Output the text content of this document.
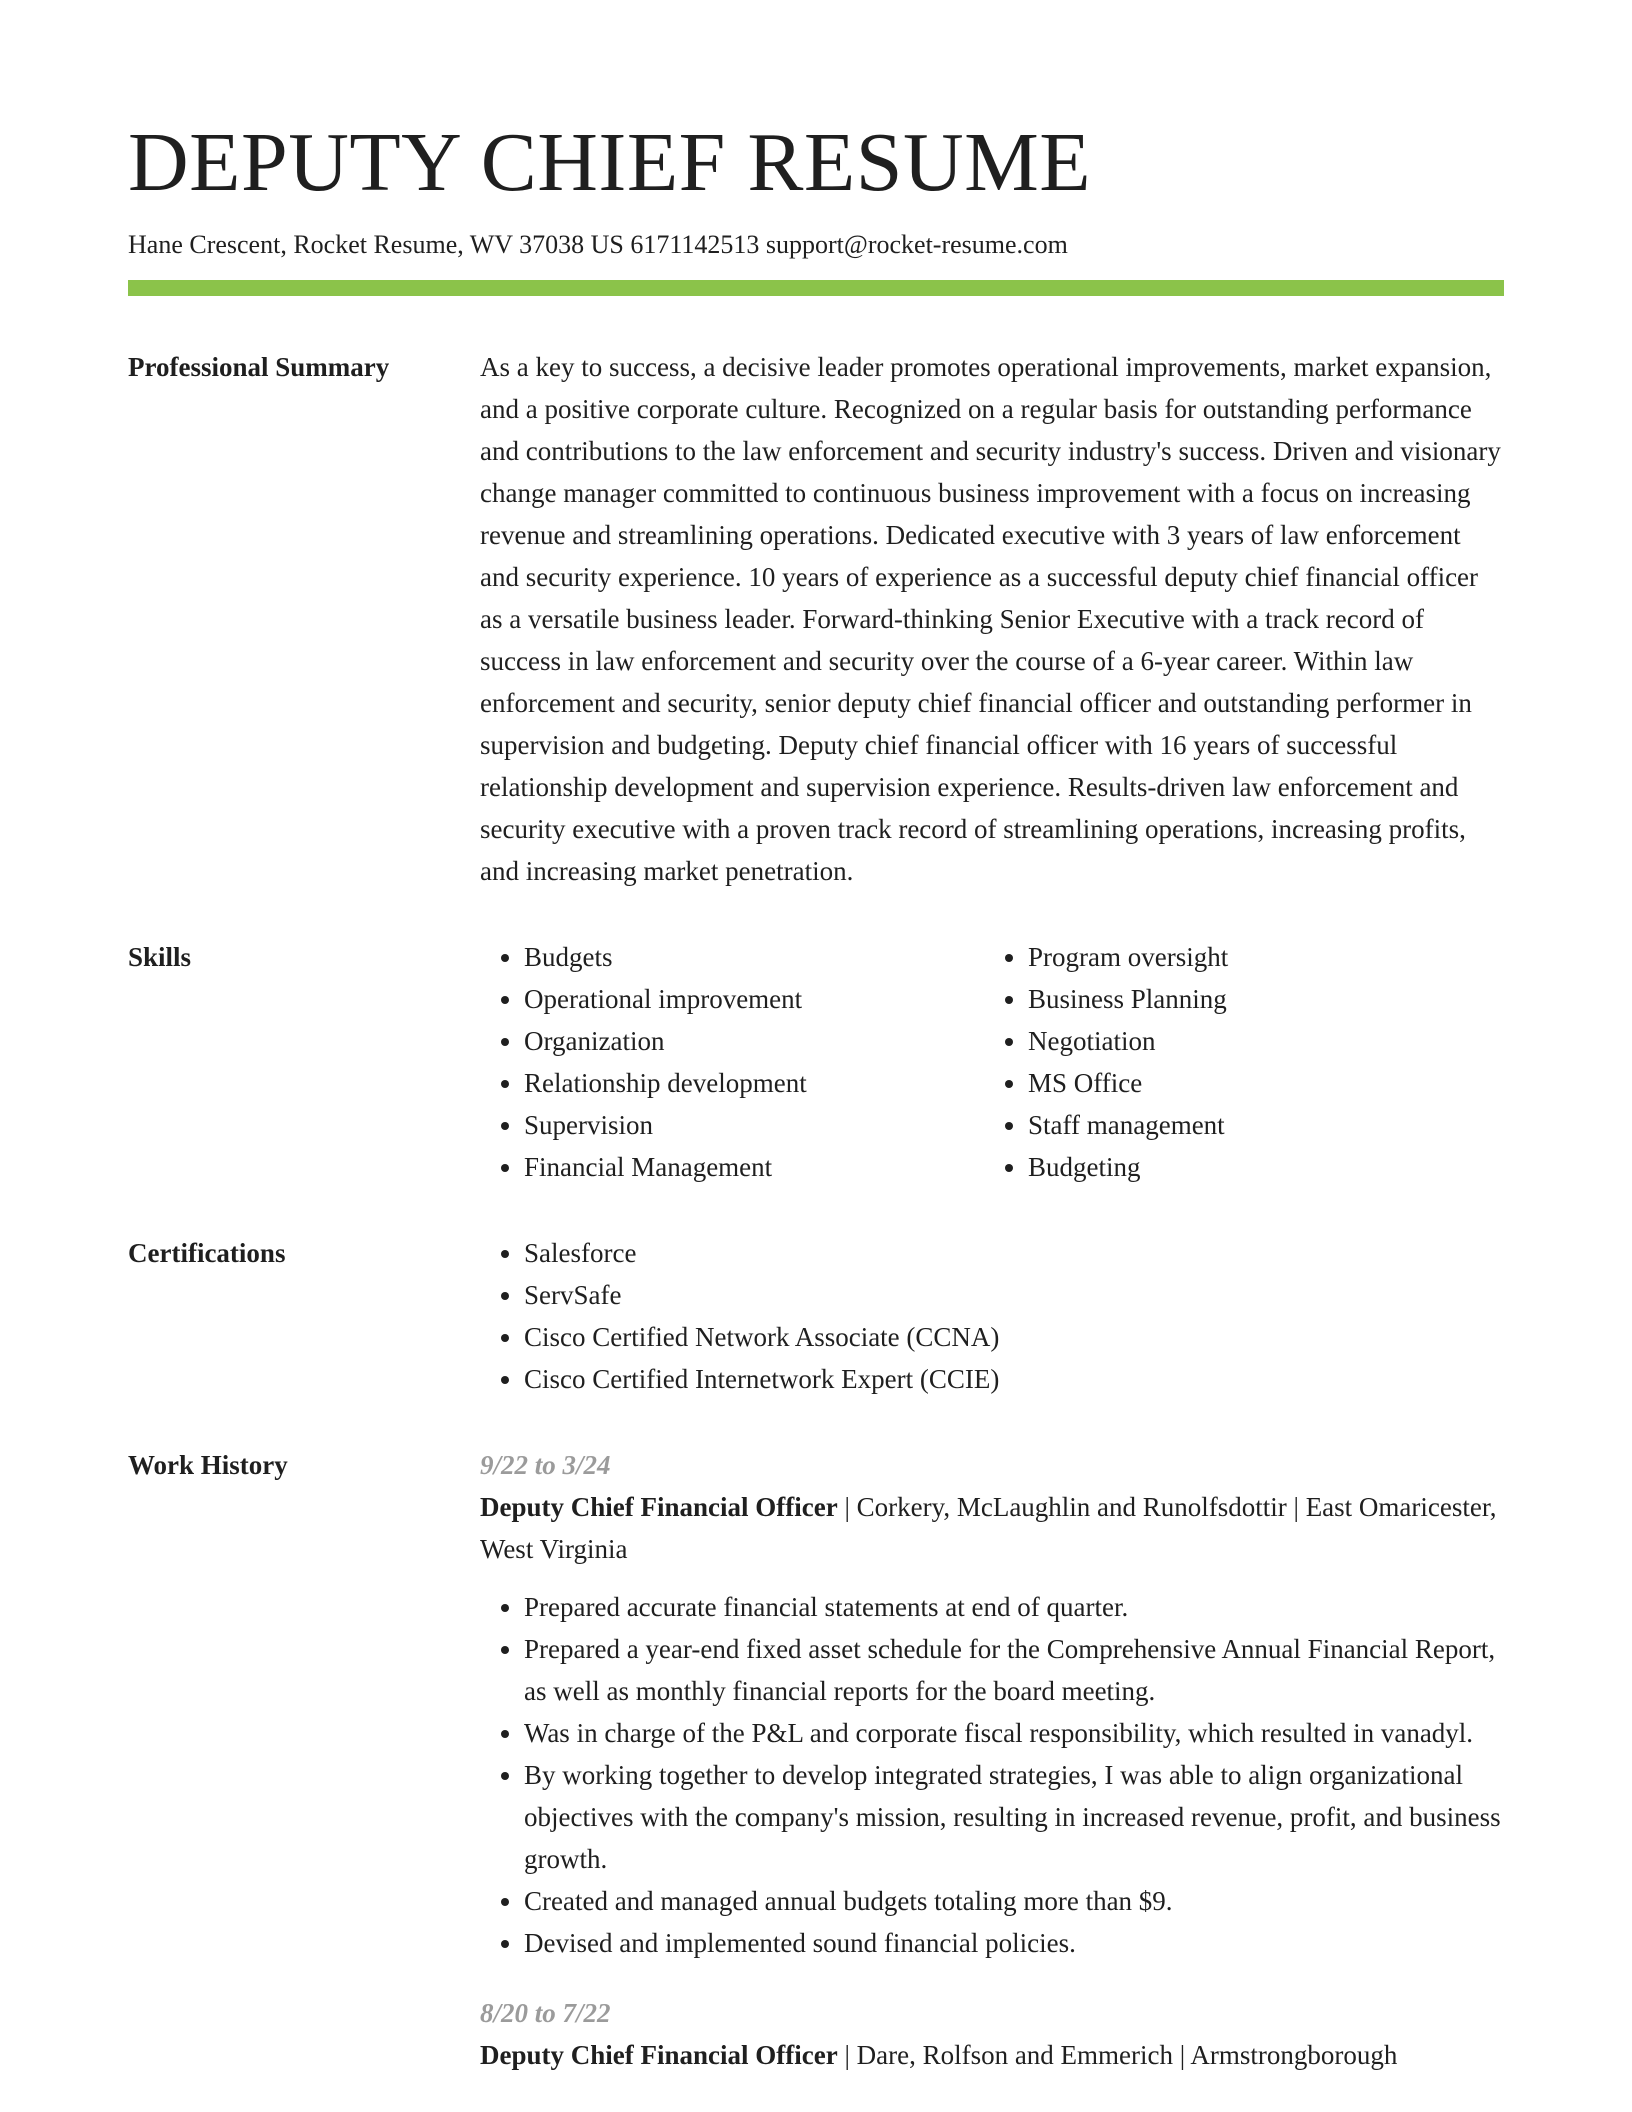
DEPUTY CHIEF RESUME
Hane Crescent, Rocket Resume, WV 37038 US 6171142513 support@rocket-resume.com
Professional Summary	As a key to success, a decisive leader promotes operational improvements, market expansion, and a positive corporate culture. Recognized on a regular basis for outstanding performance and contributions to the law enforcement and security industry's success. Driven and visionary change manager committed to continuous business improvement with a focus on increasing revenue and streamlining operations. Dedicated executive with 3 years of law enforcement and security experience. 10 years of experience as a successful deputy chief financial officer as a versatile business leader. Forward-thinking Senior Executive with a track record of success in law enforcement and security over the course of a 6-year career. Within law enforcement and security, senior deputy chief financial officer and outstanding performer in supervision and budgeting. Deputy chief financial officer with 16 years of successful relationship development and supervision experience. Results-driven law enforcement and security executive with a proven track record of streamlining operations, increasing profits, and increasing market penetration.

Skills	• Budgets
• Operational improvement
• Organization
• Relationship development
• Supervision
• Financial Management
• Program oversight
• Business Planning
• Negotiation
• MS Office
• Staff management
• Budgeting
Certifications	• Salesforce
• ServSafe
• Cisco Certified Network Associate (CCNA)
• Cisco Certified Internetwork Expert (CCIE)
Work History	9/22 to 3/24
Deputy Chief Financial Officer | Corkery, McLaughlin and Runolfsdottir | East Omaricester, West Virginia
• Prepared accurate financial statements at end of quarter.
• Prepared a year-end fixed asset schedule for the Comprehensive Annual Financial Report, as well as monthly financial reports for the board meeting.
• Was in charge of the P&L and corporate fiscal responsibility, which resulted in vanadyl.
• By working together to develop integrated strategies, I was able to align organizational objectives with the company's mission, resulting in increased revenue, profit, and business growth.
• Created and managed annual budgets totaling more than $9.
• Devised and implemented sound financial policies.
8/20 to 7/22
Deputy Chief Financial Officer | Dare, Rolfson and Emmerich | Armstrongborough
